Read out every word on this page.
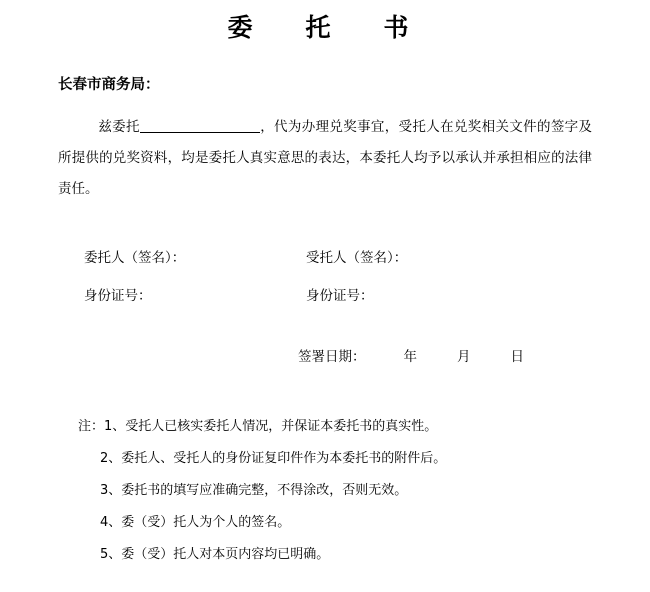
委　托　书
长春市商务局：
兹委托	，代为办理兑奖事宜，受托人在兑奖相关文件的签字及所提供的兑奖资料，均是委托人真实意思的表达，本委托人均予以承认并承担相应的法律责任。
委托人（签名）：	受托人（签名）：
身份证号：	身份证号：
签署日期：	年	月	日
注：1、受托人已核实委托人情况，并保证本委托书的真实性。
2、委托人、受托人的身份证复印件作为本委托书的附件后。
3、委托书的填写应准确完整，不得涂改，否则无效。
4、委（受）托人为个人的签名。
5、委（受）托人对本页内容均已明确。
